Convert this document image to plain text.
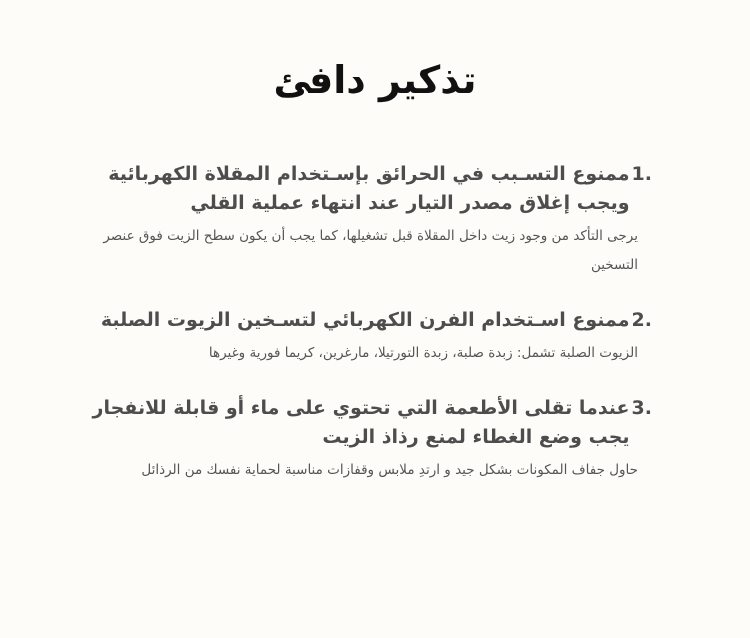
تذكير دافئ
1.
ممنوع التسـبب في الحرائق بإسـتخدام المقلاة الكهربائية ويجب إغلاق مصدر التيار عند انتهاء عملية القلي
يرجى التأكد من وجود زيت داخل المقلاة قبل تشغيلها، كما يجب أن يكون سطح الزيت فوق عنصر التسخين
2.
ممنوع اسـتخدام الفرن الكهربائي لتسـخين الزيوت الصلبة
الزيوت الصلبة تشمل: زبدة صلبة، زبدة التورتيلا، مارغرين، كريما فورية وغيرها
3.
عندما تقلى الأطعمة التي تحتوي على ماء أو قابلة للانفجار يجب وضع الغطاء لمنع رذاذ الزيت
حاول جفاف المكونات بشكل جيد و ارتدِ ملابس وقفازات مناسبة لحماية نفسك من الرذائل
